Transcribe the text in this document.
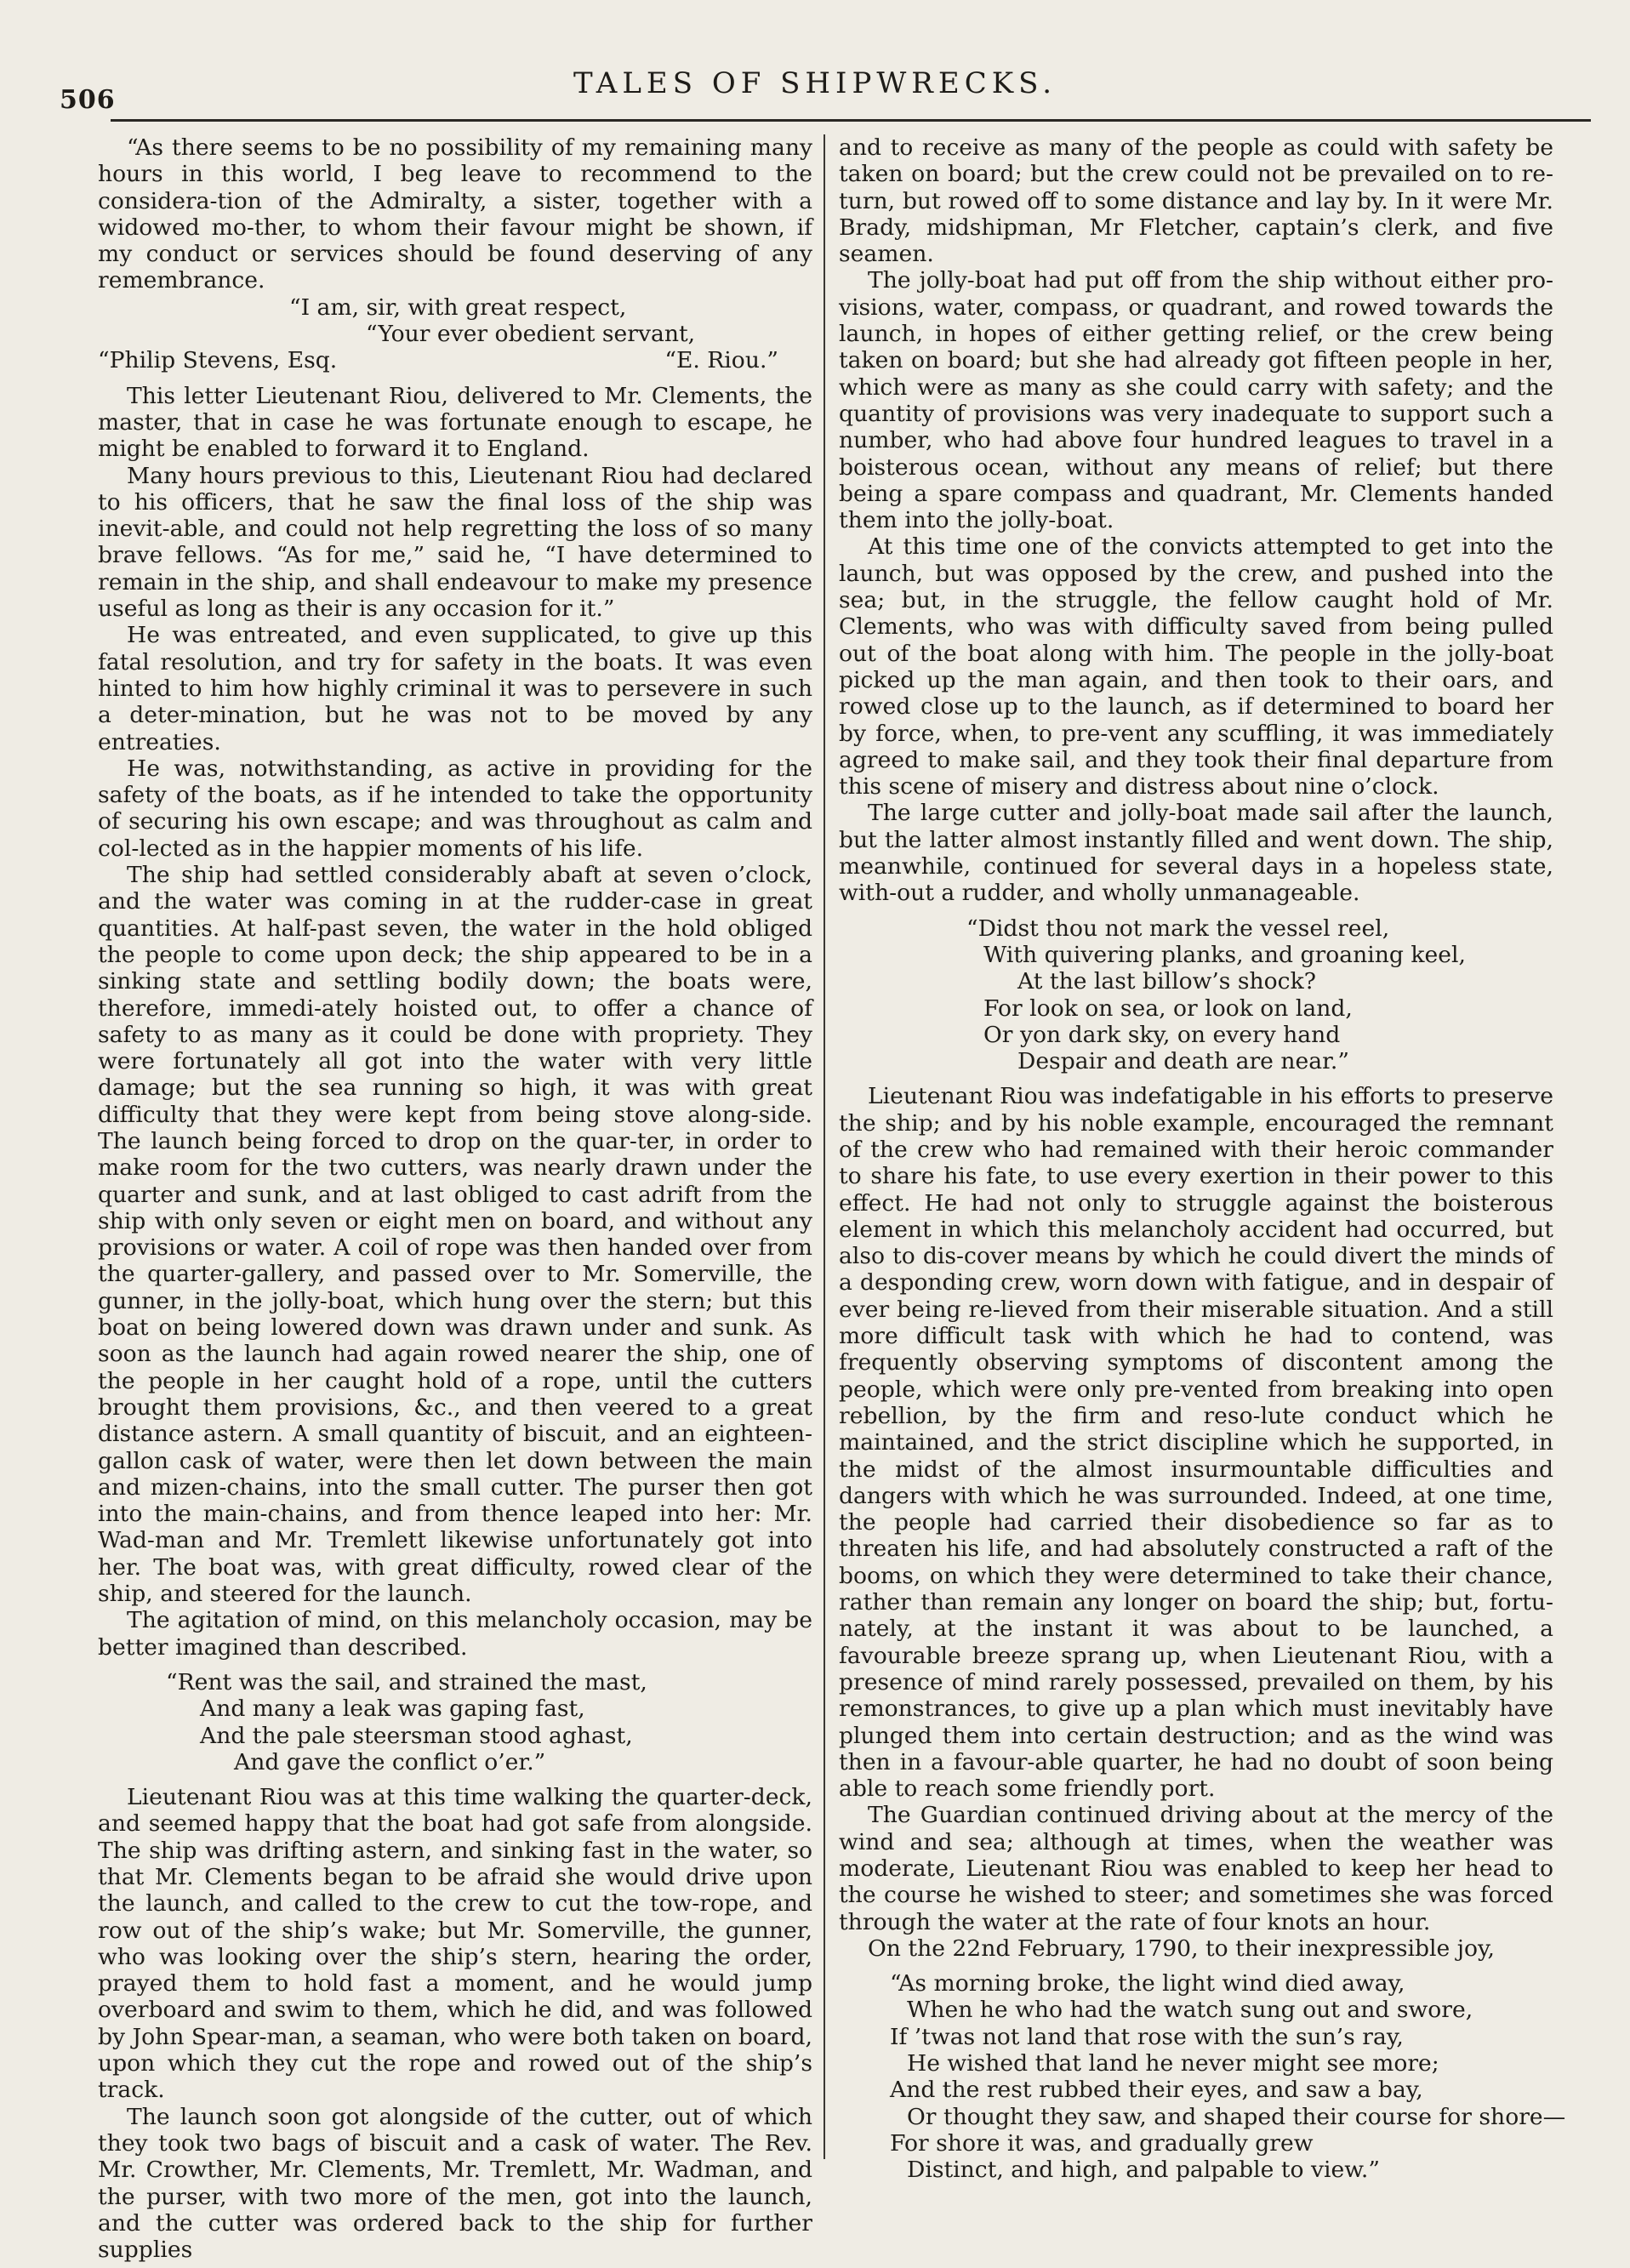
506	TALES OF SHIPWRECKS.

“As there seems to be no possibility of my remaining many hours in this world, I beg leave to recommend to the considera-tion of the Admiralty, a sister, together with a widowed mo-ther, to whom their favour might be shown, if my conduct or services should be found deserving of any remembrance.

“I am, sir, with great respect,
“Your ever obedient servant,
“Philip Stevens, Esq.	“E. Riou.”

This letter Lieutenant Riou, delivered to Mr. Clements, the master, that in case he was fortunate enough to escape, he might be enabled to forward it to England.

Many hours previous to this, Lieutenant Riou had declared to his officers, that he saw the final loss of the ship was inevit-able, and could not help regretting the loss of so many brave fellows. “As for me,” said he, “I have determined to remain in the ship, and shall endeavour to make my presence useful as long as their is any occasion for it.”

He was entreated, and even supplicated, to give up this fatal resolution, and try for safety in the boats. It was even hinted to him how highly criminal it was to persevere in such a deter-mination, but he was not to be moved by any entreaties.

He was, notwithstanding, as active in providing for the safety of the boats, as if he intended to take the opportunity of securing his own escape; and was throughout as calm and col-lected as in the happier moments of his life.

The ship had settled considerably abaft at seven o’clock, and the water was coming in at the rudder-case in great quantities. At half-past seven, the water in the hold obliged the people to come upon deck; the ship appeared to be in a sinking state and settling bodily down; the boats were, therefore, immedi-ately hoisted out, to offer a chance of safety to as many as it could be done with propriety. They were fortunately all got into the water with very little damage; but the sea running so high, it was with great difficulty that they were kept from being stove along-side. The launch being forced to drop on the quar-ter, in order to make room for the two cutters, was nearly drawn under the quarter and sunk, and at last obliged to cast adrift from the ship with only seven or eight men on board, and without any provisions or water. A coil of rope was then handed over from the quarter-gallery, and passed over to Mr. Somerville, the gunner, in the jolly-boat, which hung over the stern; but this boat on being lowered down was drawn under and sunk. As soon as the launch had again rowed nearer the ship, one of the people in her caught hold of a rope, until the cutters brought them provisions, &c., and then veered to a great distance astern. A small quantity of biscuit, and an eighteen-gallon cask of water, were then let down between the main and mizen-chains, into the small cutter. The purser then got into the main-chains, and from thence leaped into her: Mr. Wad-man and Mr. Tremlett likewise unfortunately got into her. The boat was, with great difficulty, rowed clear of the ship, and steered for the launch.

The agitation of mind, on this melancholy occasion, may be better imagined than described.

“Rent was the sail, and strained the mast,
And many a leak was gaping fast,
And the pale steersman stood aghast,
And gave the conflict o’er.”

Lieutenant Riou was at this time walking the quarter-deck, and seemed happy that the boat had got safe from alongside. The ship was drifting astern, and sinking fast in the water, so that Mr. Clements began to be afraid she would drive upon the launch, and called to the crew to cut the tow-rope, and row out of the ship’s wake; but Mr. Somerville, the gunner, who was looking over the ship’s stern, hearing the order, prayed them to hold fast a moment, and he would jump overboard and swim to them, which he did, and was followed by John Spear-man, a seaman, who were both taken on board, upon which they cut the rope and rowed out of the ship’s track.

The launch soon got alongside of the cutter, out of which they took two bags of biscuit and a cask of water. The Rev. Mr. Crowther, Mr. Clements, Mr. Tremlett, Mr. Wadman, and the purser, with two more of the men, got into the launch, and the cutter was ordered back to the ship for further supplies

and to receive as many of the people as could with safety be taken on board; but the crew could not be prevailed on to re-turn, but rowed off to some distance and lay by. In it were Mr. Brady, midshipman, Mr Fletcher, captain’s clerk, and five seamen.

The jolly-boat had put off from the ship without either pro-visions, water, compass, or quadrant, and rowed towards the launch, in hopes of either getting relief, or the crew being taken on board; but she had already got fifteen people in her, which were as many as she could carry with safety; and the quantity of provisions was very inadequate to support such a number, who had above four hundred leagues to travel in a boisterous ocean, without any means of relief; but there being a spare compass and quadrant, Mr. Clements handed them into the jolly-boat.

At this time one of the convicts attempted to get into the launch, but was opposed by the crew, and pushed into the sea; but, in the struggle, the fellow caught hold of Mr. Clements, who was with difficulty saved from being pulled out of the boat along with him. The people in the jolly-boat picked up the man again, and then took to their oars, and rowed close up to the launch, as if determined to board her by force, when, to pre-vent any scuffling, it was immediately agreed to make sail, and they took their final departure from this scene of misery and distress about nine o’clock.

The large cutter and jolly-boat made sail after the launch, but the latter almost instantly filled and went down. The ship, meanwhile, continued for several days in a hopeless state, with-out a rudder, and wholly unmanageable.

“Didst thou not mark the vessel reel,
With quivering planks, and groaning keel,
At the last billow’s shock?
For look on sea, or look on land,
Or yon dark sky, on every hand
Despair and death are near.”

Lieutenant Riou was indefatigable in his efforts to preserve the ship; and by his noble example, encouraged the remnant of the crew who had remained with their heroic commander to share his fate, to use every exertion in their power to this effect. He had not only to struggle against the boisterous element in which this melancholy accident had occurred, but also to dis-cover means by which he could divert the minds of a desponding crew, worn down with fatigue, and in despair of ever being re-lieved from their miserable situation. And a still more difficult task with which he had to contend, was frequently observing symptoms of discontent among the people, which were only pre-vented from breaking into open rebellion, by the firm and reso-lute conduct which he maintained, and the strict discipline which he supported, in the midst of the almost insurmountable difficulties and dangers with which he was surrounded. Indeed, at one time, the people had carried their disobedience so far as to threaten his life, and had absolutely constructed a raft of the booms, on which they were determined to take their chance, rather than remain any longer on board the ship; but, fortu-nately, at the instant it was about to be launched, a favourable breeze sprang up, when Lieutenant Riou, with a presence of mind rarely possessed, prevailed on them, by his remonstrances, to give up a plan which must inevitably have plunged them into certain destruction; and as the wind was then in a favour-able quarter, he had no doubt of soon being able to reach some friendly port.

The Guardian continued driving about at the mercy of the wind and sea; although at times, when the weather was moderate, Lieutenant Riou was enabled to keep her head to the course he wished to steer; and sometimes she was forced through the water at the rate of four knots an hour.

On the 22nd February, 1790, to their inexpressible joy,

“As morning broke, the light wind died away,
When he who had the watch sung out and swore,
If ’twas not land that rose with the sun’s ray,
He wished that land he never might see more;
And the rest rubbed their eyes, and saw a bay,
Or thought they saw, and shaped their course for shore—
For shore it was, and gradually grew
Distinct, and high, and palpable to view.”
